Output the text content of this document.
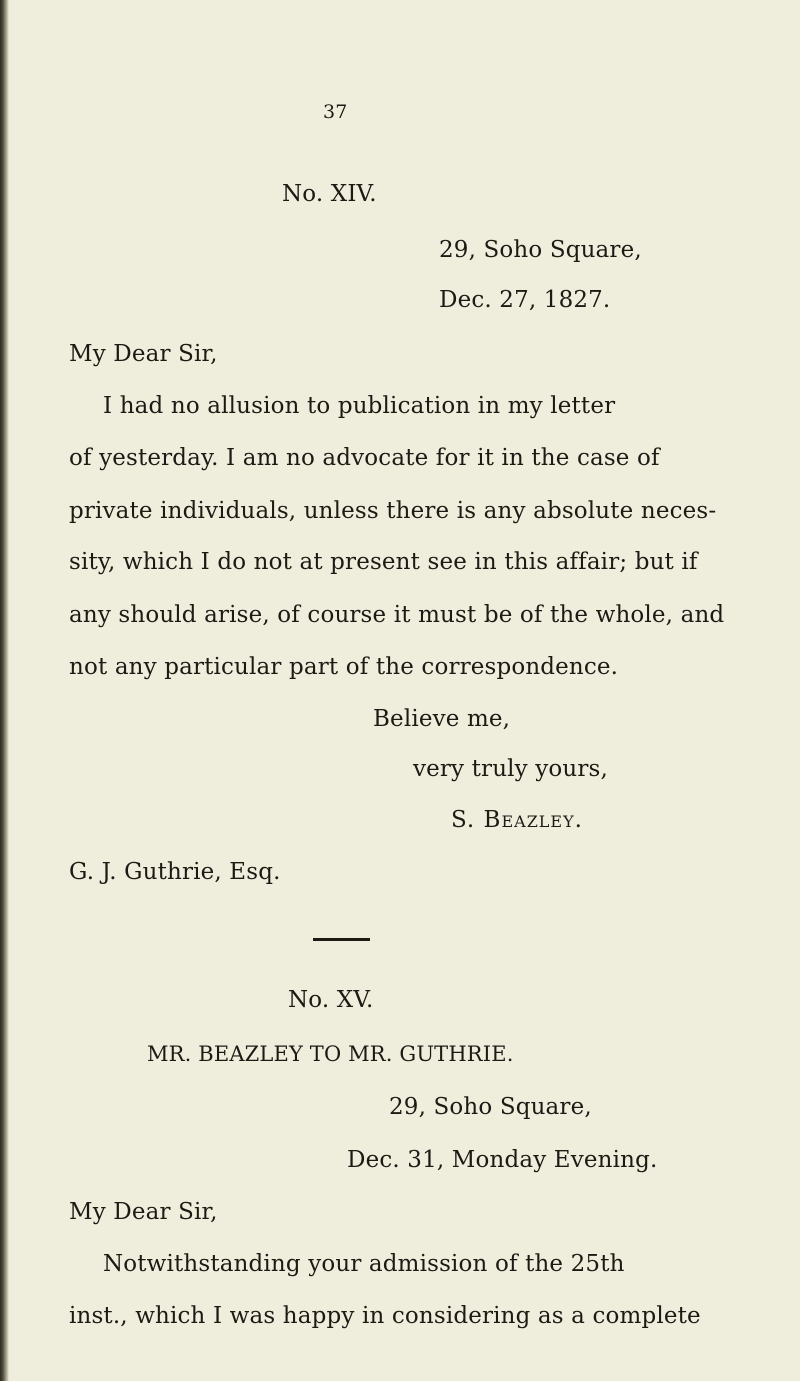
37
No. XIV.
29, Soho Square,
Dec. 27, 1827.
My Dear Sir,
I had no allusion to publication in my letter
of yesterday. I am no advocate for it in the case of
private individuals, unless there is any absolute neces-
sity, which I do not at present see in this affair; but if
any should arise, of course it must be of the whole, and
not any particular part of the correspondence.
Believe me,
very truly yours,
S. Beazley.
G. J. Guthrie, Esq.
No. XV.
MR. BEAZLEY TO MR. GUTHRIE.
29, Soho Square,
Dec. 31, Monday Evening.
My Dear Sir,
Notwithstanding your admission of the 25th
inst., which I was happy in considering as a complete
